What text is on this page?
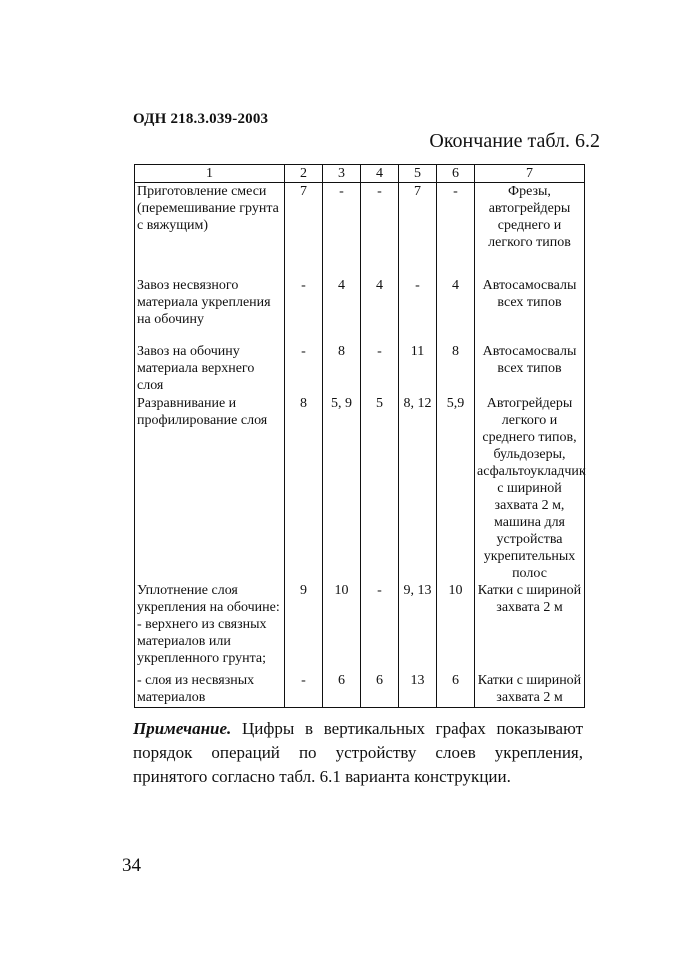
ОДН 218.3.039-2003
Окончание табл. 6.2
1	2	3	4	5	6	7
Приготовление смеси (перемешивание грунта с вяжущим)	7	-	-	7	-	Фрезы, автогрейдеры среднего и легкого типов
Завоз несвязного материала укрепления на обочину	-	4	4	-	4	Автосамосвалы всех типов
Завоз на обочину материала верхнего слоя	-	8	-	11	8	Автосамосвалы всех типов
Разравнивание и профилирование слоя	8	5, 9	5	8, 12	5,9	Автогрейдеры легкого и среднего типов, бульдозеры, асфальтоукладчик с шириной захвата 2 м, машина для устройства укрепительных полос
Уплотнение слоя укрепления на обочине: - верхнего из связных материалов или укрепленного грунта;	9	10	-	9, 13	10	Катки с шириной захвата 2 м
- слоя из несвязных материалов	-	6	6	13	6	Катки с шириной захвата 2 м
Примечание. Цифры в вертикальных графах показывают порядок операций по устройству слоев укрепления, принятого согласно табл. 6.1 варианта конструкции.
34
